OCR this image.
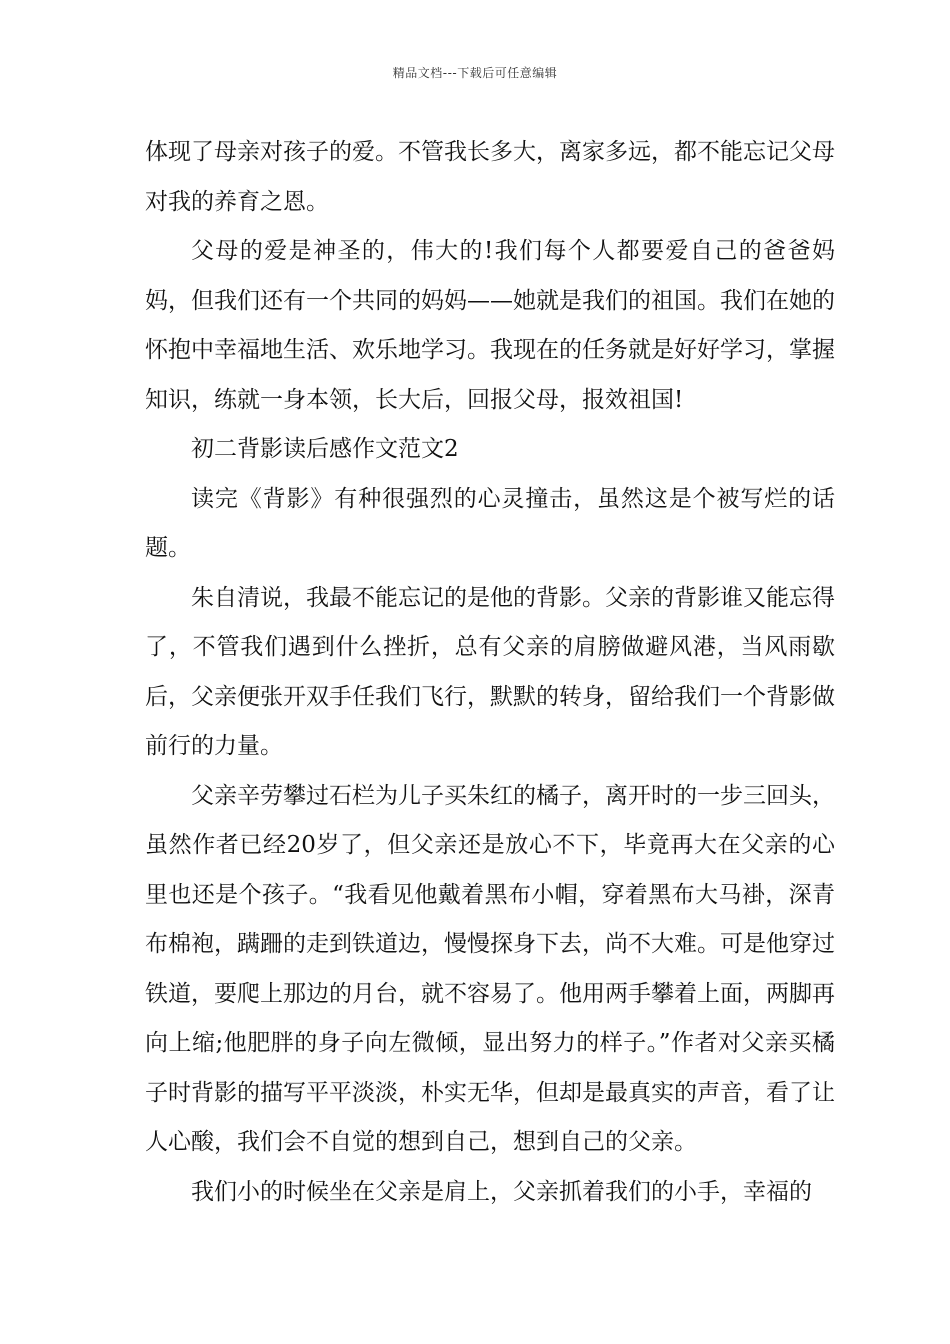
精品文档---下载后可任意编辑

体现了母亲对孩子的爱。不管我长多大，离家多远，都不能忘记父母对我的养育之恩。

父母的爱是神圣的，伟大的!我们每个人都要爱自己的爸爸妈妈，但我们还有一个共同的妈妈——她就是我们的祖国。我们在她的怀抱中幸福地生活、欢乐地学习。我现在的任务就是好好学习，掌握知识，练就一身本领，长大后，回报父母，报效祖国!

初二背影读后感作文范文2

读完《背影》有种很强烈的心灵撞击，虽然这是个被写烂的话题。

朱自清说，我最不能忘记的是他的背影。父亲的背影谁又能忘得了，不管我们遇到什么挫折，总有父亲的肩膀做避风港，当风雨歇后，父亲便张开双手任我们飞行，默默的转身，留给我们一个背影做前行的力量。

父亲辛劳攀过石栏为儿子买朱红的橘子，离开时的一步三回头，虽然作者已经20岁了，但父亲还是放心不下，毕竟再大在父亲的心里也还是个孩子。“我看见他戴着黑布小帽，穿着黑布大马褂，深青布棉袍，蹒跚的走到铁道边，慢慢探身下去，尚不大难。可是他穿过铁道，要爬上那边的月台，就不容易了。他用两手攀着上面，两脚再向上缩;他肥胖的身子向左微倾，显出努力的样子。”作者对父亲买橘子时背影的描写平平淡淡，朴实无华，但却是最真实的声音，看了让人心酸，我们会不自觉的想到自己，想到自己的父亲。

我们小的时候坐在父亲是肩上，父亲抓着我们的小手，幸福的
